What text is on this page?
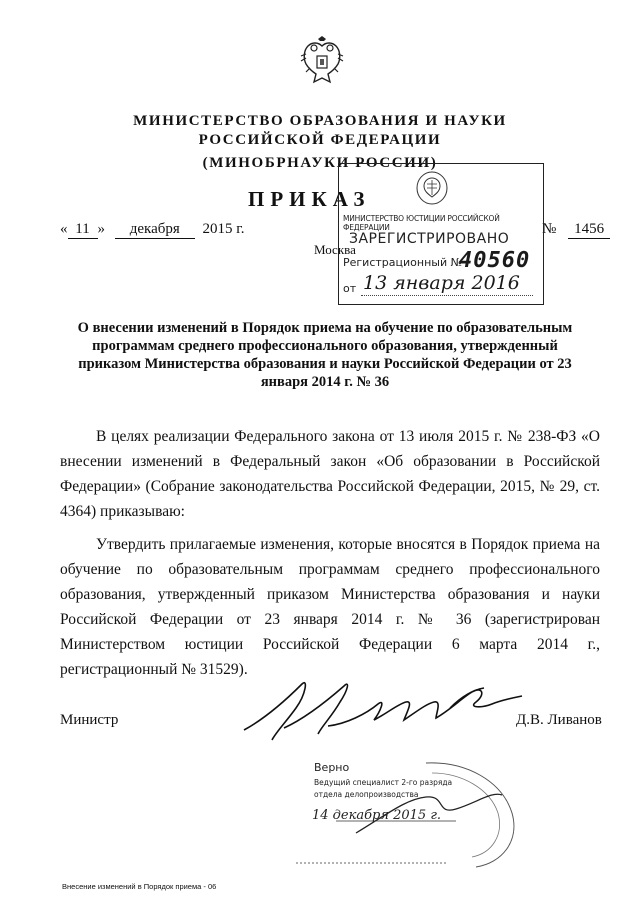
МИНИСТЕРСТВО ОБРАЗОВАНИЯ И НАУКИ
РОССИЙСКОЙ ФЕДЕРАЦИИ
(МИНОБРНАУКИ РОССИИ)
ПРИКАЗ
« 11 » декабря 2015 г.	№ 1456
Москва
МИНИСТЕРСТВО ЮСТИЦИИ РОССИЙСКОЙ ФЕДЕРАЦИИ
ЗАРЕГИСТРИРОВАНО
Регистрационный №
40560
от 13 января 2016
О внесении изменений в Порядок приема на обучение по образовательным программам среднего профессионального образования, утвержденный приказом Министерства образования и науки Российской Федерации от 23 января 2014 г. № 36
В целях реализации Федерального закона от 13 июля 2015 г. № 238-ФЗ «О внесении изменений в Федеральный закон «Об образовании в Российской Федерации» (Собрание законодательства Российской Федерации, 2015, № 29, ст. 4364) приказываю:
Утвердить прилагаемые изменения, которые вносятся в Порядок приема на обучение по образовательным программам среднего профессионального образования, утвержденный приказом Министерства образования и науки Российской Федерации от 23 января 2014 г. № 36 (зарегистрирован Министерством юстиции Российской Федерации 6 марта 2014 г., регистрационный № 31529).
Министр	Д.В. Ливанов
Верно
Ведущий специалист 2-го разряда
отдела делопроизводства
14 декабря 2015 г.
Внесение изменений в Порядок приема - 06
